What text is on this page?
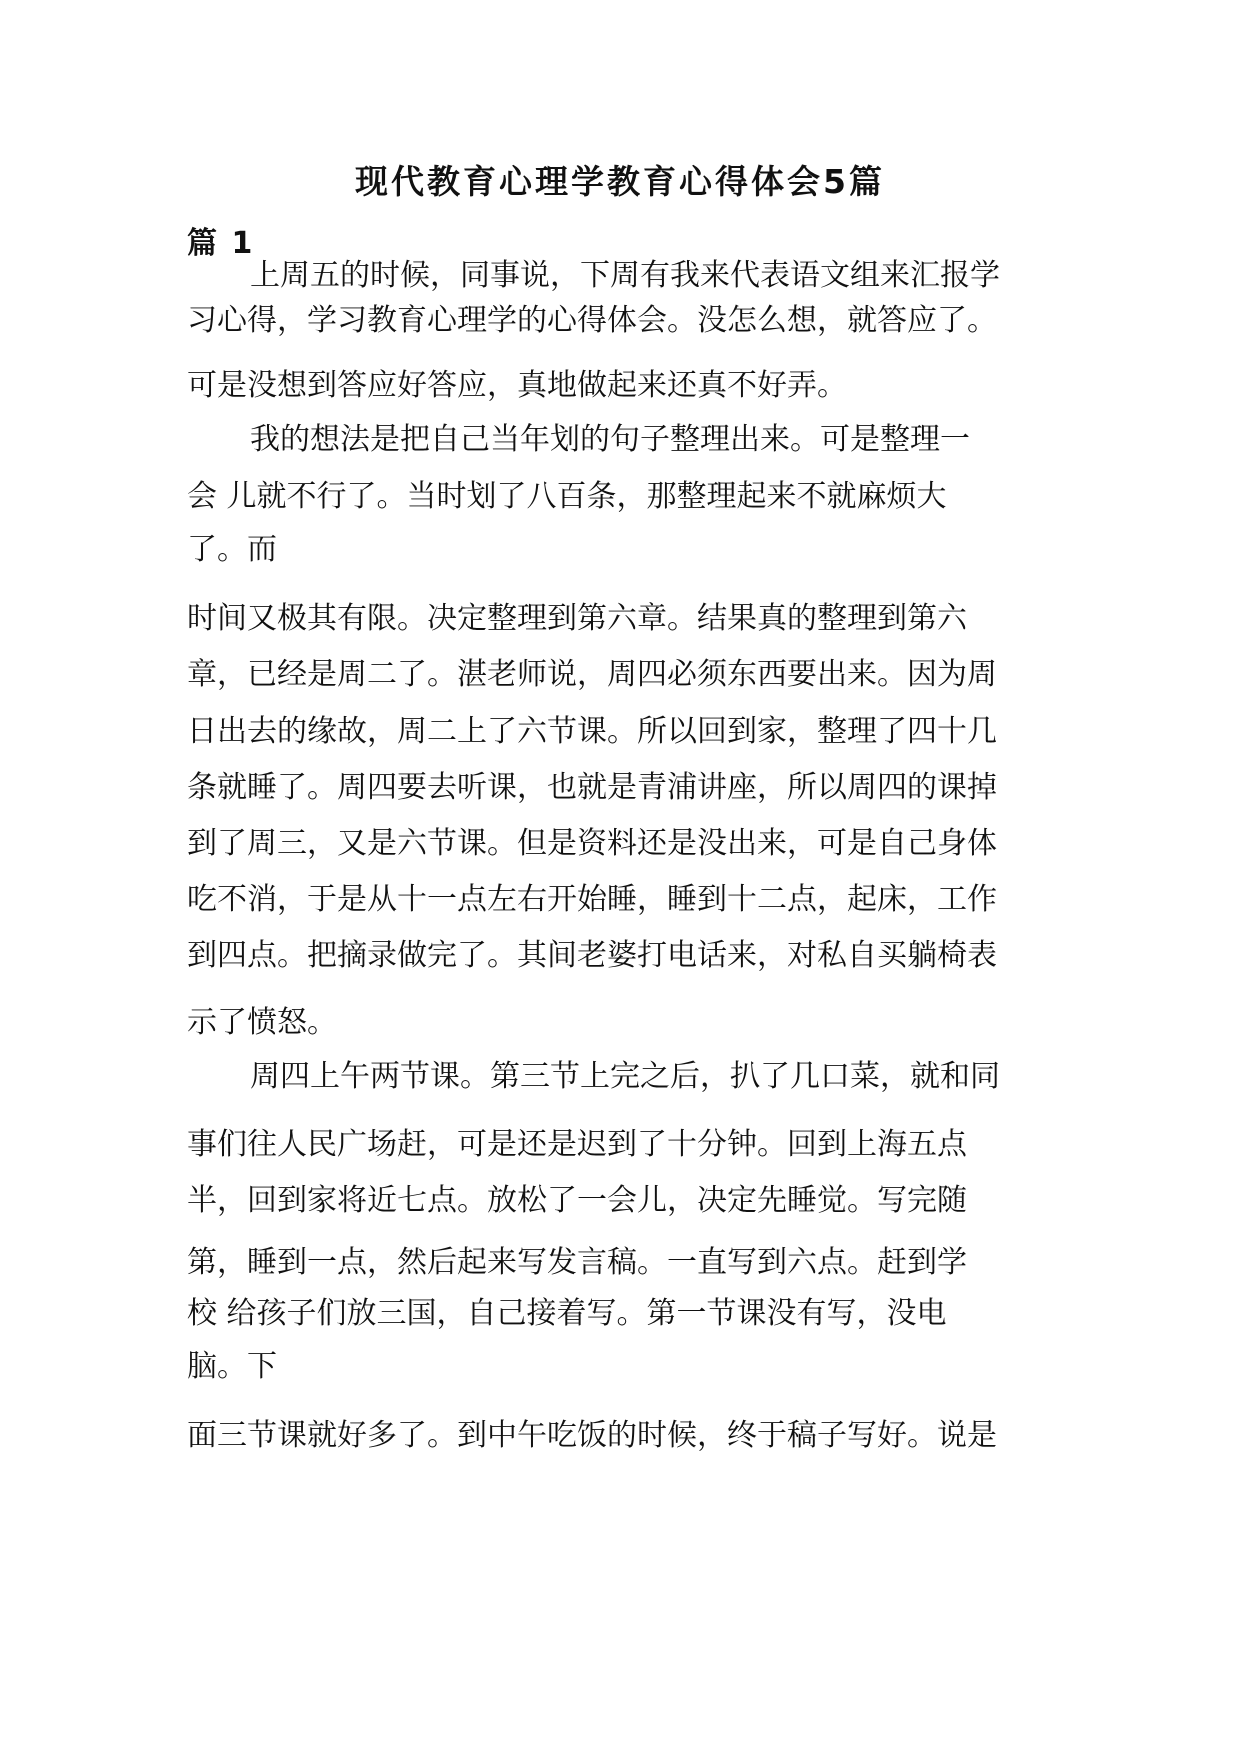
现代教育心理学教育心得体会5篇
篇 1

上周五的时候，同事说，下周有我来代表语文组来汇报学

习心得，学习教育心理学的心得体会。没怎么想，就答应了。

可是没想到答应好答应，真地做起来还真不好弄。

我的想法是把自己当年划的句子整理出来。可是整理一

会 儿就不行了。当时划了八百条，那整理起来不就麻烦大

了。而

时间又极其有限。决定整理到第六章。结果真的整理到第六

章，已经是周二了。湛老师说，周四必须东西要出来。因为周

日出去的缘故，周二上了六节课。所以回到家，整理了四十几

条就睡了。周四要去听课，也就是青浦讲座，所以周四的课掉

到了周三，又是六节课。但是资料还是没出来，可是自己身体

吃不消，于是从十一点左右开始睡，睡到十二点，起床，工作

到四点。把摘录做完了。其间老婆打电话来，对私自买躺椅表

示了愤怒。

周四上午两节课。第三节上完之后，扒了几口菜，就和同

事们往人民广场赶，可是还是迟到了十分钟。回到上海五点

半，回到家将近七点。放松了一会儿，决定先睡觉。写完随

第，睡到一点，然后起来写发言稿。一直写到六点。赶到学

校 给孩子们放三国，自己接着写。第一节课没有写，没电

脑。下

面三节课就好多了。到中午吃饭的时候，终于稿子写好。说是
